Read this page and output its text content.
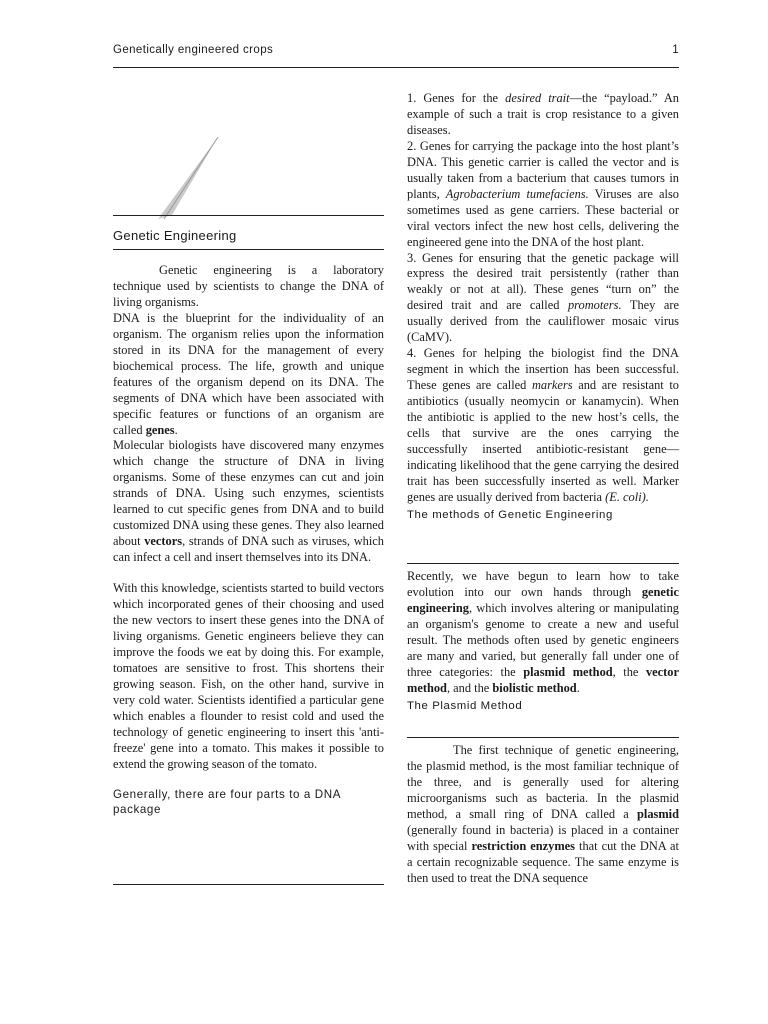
Genetically engineered crops	1
Genetic Engineering

Genetic engineering is a laboratory technique used by scientists to change the DNA of living organisms.

DNA is the blueprint for the individuality of an organism. The organism relies upon the information stored in its DNA for the management of every biochemical process. The life, growth and unique features of the organism depend on its DNA. The segments of DNA which have been associated with specific features or functions of an organism are called genes.

Molecular biologists have discovered many enzymes which change the structure of DNA in living organisms. Some of these enzymes can cut and join strands of DNA. Using such enzymes, scientists learned to cut specific genes from DNA and to build customized DNA using these genes. They also learned about vectors, strands of DNA such as viruses, which can infect a cell and insert themselves into its DNA.

With this knowledge, scientists started to build vectors which incorporated genes of their choosing and used the new vectors to insert these genes into the DNA of living organisms. Genetic engineers believe they can improve the foods we eat by doing this. For example, tomatoes are sensitive to frost. This shortens their growing season. Fish, on the other hand, survive in very cold water. Scientists identified a particular gene which enables a flounder to resist cold and used the technology of genetic engineering to insert this 'anti-freeze' gene into a tomato. This makes it possible to extend the growing season of the tomato.

Generally, there are four parts to a DNA package

1. Genes for the desired trait—the “payload.” An example of such a trait is crop resistance to a given diseases.

2. Genes for carrying the package into the host plant’s DNA. This genetic carrier is called the vector and is usually taken from a bacterium that causes tumors in plants, Agrobacterium tumefaciens. Viruses are also sometimes used as gene carriers. These bacterial or viral vectors infect the new host cells, delivering the engineered gene into the DNA of the host plant.

3. Genes for ensuring that the genetic package will express the desired trait persistently (rather than weakly or not at all). These genes “turn on” the desired trait and are called promoters. They are usually derived from the cauliflower mosaic virus (CaMV).

4. Genes for helping the biologist find the DNA segment in which the insertion has been successful. These genes are called markers and are resistant to antibiotics (usually neomycin or kanamycin). When the antibiotic is applied to the new host’s cells, the cells that survive are the ones carrying the successfully inserted antibiotic-resistant gene—indicating likelihood that the gene carrying the desired trait has been successfully inserted as well. Marker genes are usually derived from bacteria (E. coli).

The methods of Genetic Engineering

Recently, we have begun to learn how to take evolution into our own hands through genetic engineering, which involves altering or manipulating an organism's genome to create a new and useful result. The methods often used by genetic engineers are many and varied, but generally fall under one of three categories: the plasmid method, the vector method, and the biolistic method.

The Plasmid Method

The first technique of genetic engineering, the plasmid method, is the most familiar technique of the three, and is generally used for altering microorganisms such as bacteria. In the plasmid method, a small ring of DNA called a plasmid (generally found in bacteria) is placed in a container with special restriction enzymes that cut the DNA at a certain recognizable sequence. The same enzyme is then used to treat the DNA sequence
